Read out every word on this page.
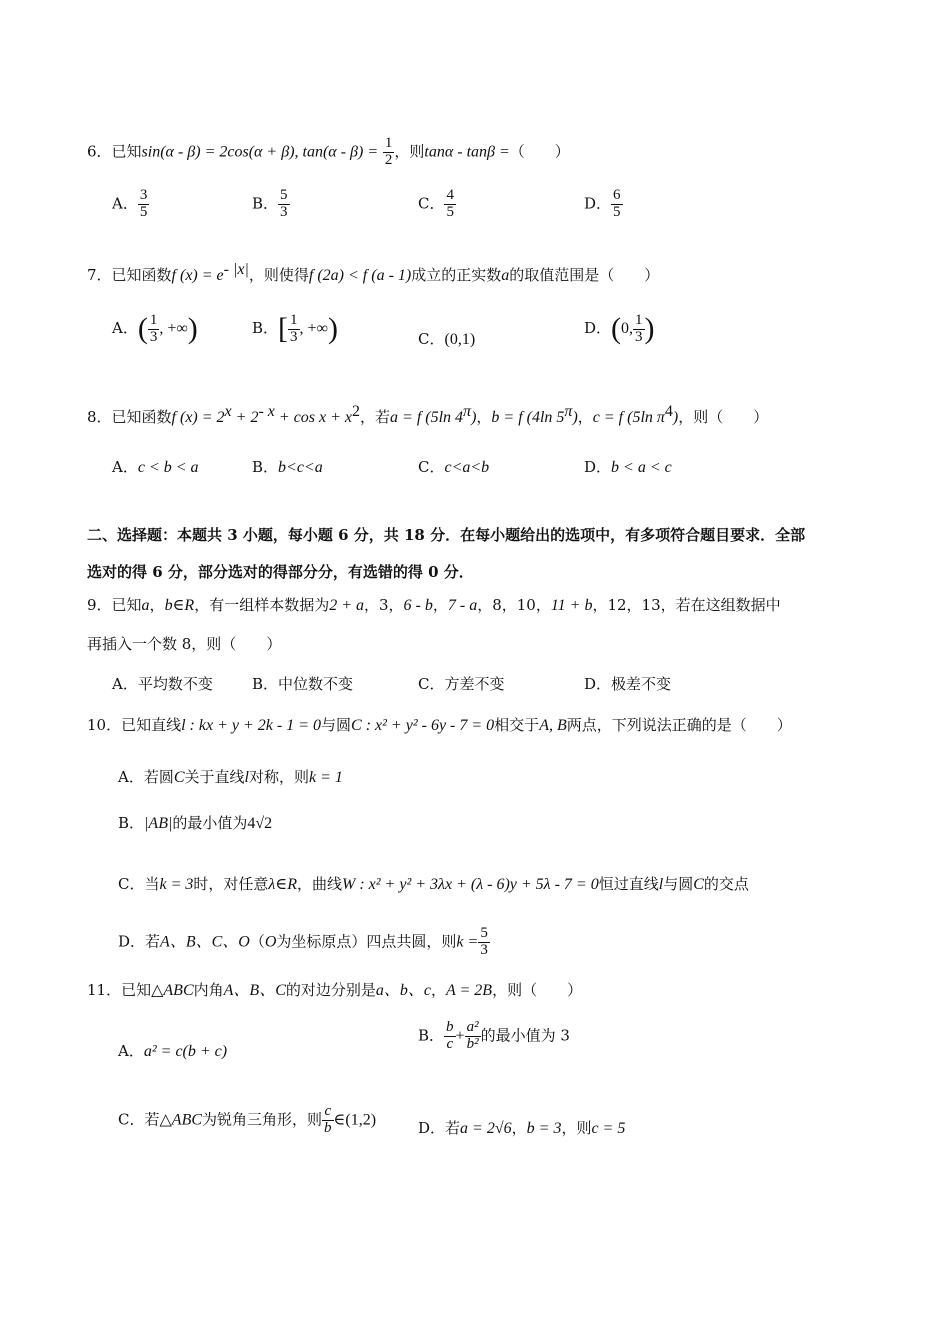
6．已知sin(α - β) = 2cos(α + β), $\tan(\alpha - \beta) = \frac{1}{2}$ ，则tanα - tanβ =（　　）
A． $\frac{3}{5}$	B． $\frac{5}{3}$	C． $\frac{4}{5}$	D． $\frac{6}{5}$
7．已知函数f $(x) = e^{- |x|}$，则使得f (2a) < f (a - 1)成立的正实数a的取值范围是（　　）
A．( $\frac{1}{3}$ , +∞)	B．[ $\frac{1}{3}$ , +∞)	C．(0,1)
D．(0, $\frac{1}{3}$ )
8．已知函数f $(x) = 2^x + 2^{- x} + \cos x + x^2$，若a = f (5ln $4^\pi$)，b = f (4ln $5^\pi$)，c = f (5ln $\pi^4$)，则（　　）
A．c < b < a	B．b<c<a	C．c<a<b	D．b < a < c
二、选择题：本题共 3 小题，每小题 6 分，共 18 分．在每小题给出的选项中，有多项符合题目要求．全部
选对的得 6 分，部分选对的得部分分，有选错的得 0 分．
9．已知a，b∈R，有一组样本数据为2 + a，3，6 - b，7 - a，8，10，11 + b，12，13，若在这组数据中
再插入一个数 8，则（　　）
A．平均数不变	B．中位数不变	C．方差不变	D．极差不变
10．已知直线l : kx + y + 2k - 1 = 0与圆C : x² + y² - 6y - 7 = 0相交于A, B两点，下列说法正确的是（　　）
A．若圆C关于直线l对称，则k = 1
B．|AB|的最小值为4√2
C．当k = 3时，对任意λ∈R，曲线W : x² + y² + 3λx + (λ - 6)y + 5λ - 7 = 0恒过直线l与圆C的交点
D．若A、B、C、O（O为坐标原点）四点共圆，则$k = \frac{5}{3}$
11．已知△ABC内角A、B、C的对边分别是a、b、c，A = 2B，则（　　）
A．a² = c(b + c)
B． $\frac{b}{c} + \frac{\text{a²}}{\text{b²}}$ 的最小值为 3
C．若△ABC为锐角三角形，则 $\frac{c}{b}$ ∈(1,2)	D．若a = 2√6，b = 3，则c = 5
